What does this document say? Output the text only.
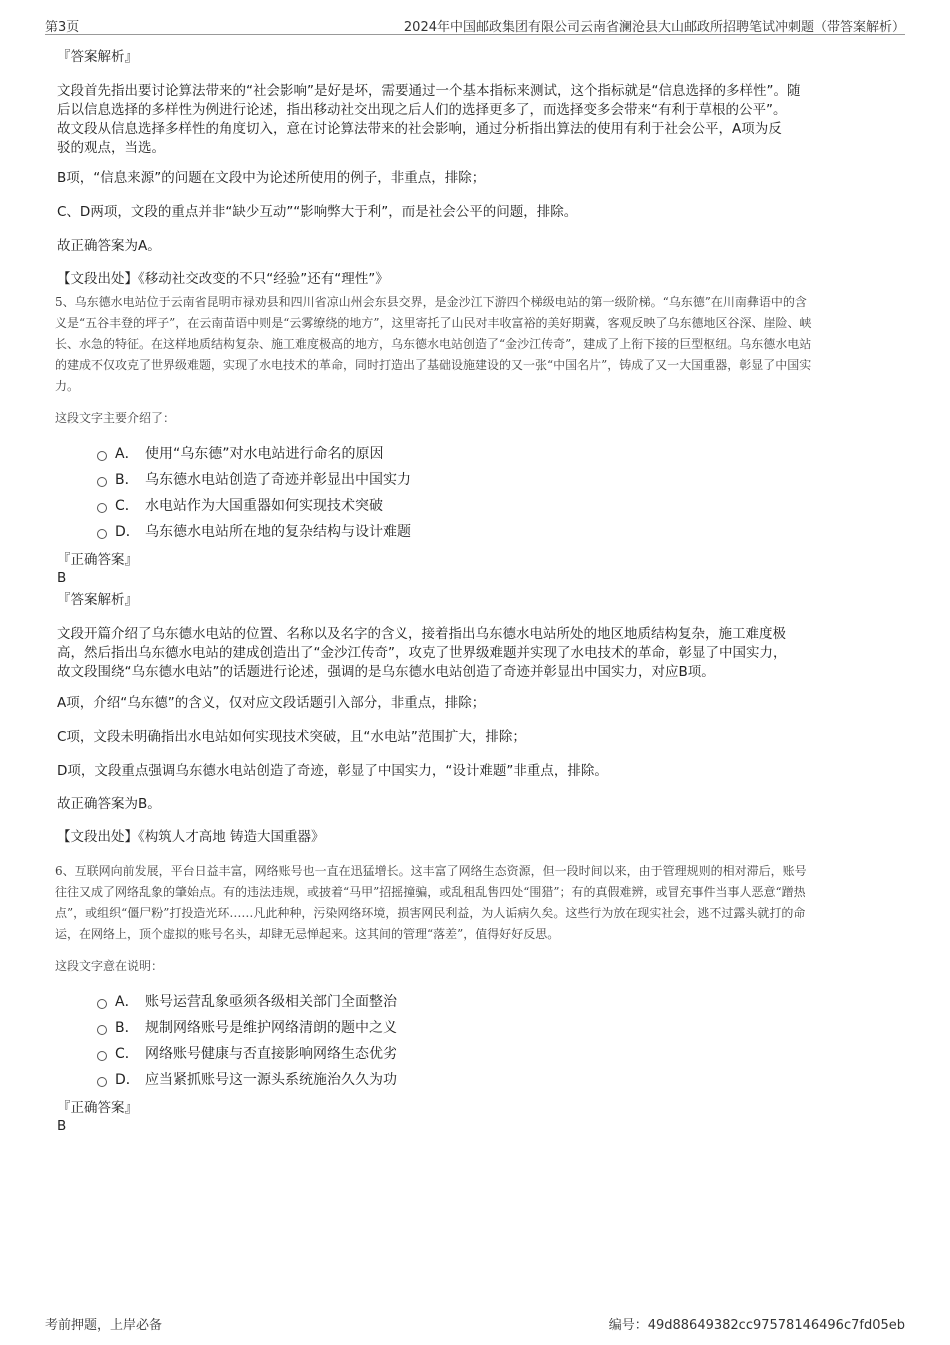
第3页	2024年中国邮政集团有限公司云南省澜沧县大山邮政所招聘笔试冲刺题（带答案解析）
『答案解析』
文段首先指出要讨论算法带来的“社会影响”是好是坏，需要通过一个基本指标来测试，这个指标就是“信息选择的多样性”。随
后以信息选择的多样性为例进行论述，指出移动社交出现之后人们的选择更多了，而选择变多会带来“有利于草根的公平”。
故文段从信息选择多样性的角度切入，意在讨论算法带来的社会影响，通过分析指出算法的使用有利于社会公平，A项为反
驳的观点，当选。
B项，“信息来源”的问题在文段中为论述所使用的例子，非重点，排除；
C、D两项，文段的重点并非“缺少互动”“影响弊大于利”，而是社会公平的问题，排除。
故正确答案为A。
【文段出处】《移动社交改变的不只“经验”还有“理性”》
5、乌东德水电站位于云南省昆明市禄劝县和四川省凉山州会东县交界，是金沙江下游四个梯级电站的第一级阶梯。“乌东德”在川南彝语中的含
义是“五谷丰登的坪子”，在云南苗语中则是“云雾缭绕的地方”，这里寄托了山民对丰收富裕的美好期冀，客观反映了乌东德地区谷深、崖险、峡
长、水急的特征。在这样地质结构复杂、施工难度极高的地方，乌东德水电站创造了“金沙江传奇”，建成了上衔下接的巨型枢纽。乌东德水电站
的建成不仅攻克了世界级难题，实现了水电技术的革命，同时打造出了基础设施建设的又一张“中国名片”，铸成了又一大国重器，彰显了中国实
力。
这段文字主要介绍了：
A． 使用“乌东德”对水电站进行命名的原因
B． 乌东德水电站创造了奇迹并彰显出中国实力
C． 水电站作为大国重器如何实现技术突破
D． 乌东德水电站所在地的复杂结构与设计难题
『正确答案』
B
『答案解析』
文段开篇介绍了乌东德水电站的位置、名称以及名字的含义，接着指出乌东德水电站所处的地区地质结构复杂，施工难度极
高，然后指出乌东德水电站的建成创造出了“金沙江传奇”，攻克了世界级难题并实现了水电技术的革命，彰显了中国实力，
故文段围绕“乌东德水电站”的话题进行论述，强调的是乌东德水电站创造了奇迹并彰显出中国实力，对应B项。
A项，介绍“乌东德”的含义，仅对应文段话题引入部分，非重点，排除；
C项，文段未明确指出水电站如何实现技术突破，且“水电站”范围扩大，排除；
D项，文段重点强调乌东德水电站创造了奇迹，彰显了中国实力，“设计难题”非重点，排除。
故正确答案为B。
【文段出处】《构筑人才高地 铸造大国重器》
6、互联网向前发展，平台日益丰富，网络账号也一直在迅猛增长。这丰富了网络生态资源，但一段时间以来，由于管理规则的相对滞后，账号
往往又成了网络乱象的肇始点。有的违法违规，或披着“马甲”招摇撞骗，或乱租乱售四处“围猎”；有的真假难辨，或冒充事件当事人恶意“蹭热
点”，或组织“僵尸粉”打投造光环……凡此种种，污染网络环境，损害网民利益，为人诟病久矣。这些行为放在现实社会，逃不过露头就打的命
运，在网络上，顶个虚拟的账号名头，却肆无忌惮起来。这其间的管理“落差”，值得好好反思。
这段文字意在说明：
A． 账号运营乱象亟须各级相关部门全面整治
B． 规制网络账号是维护网络清朗的题中之义
C． 网络账号健康与否直接影响网络生态优劣
D． 应当紧抓账号这一源头系统施治久久为功
『正确答案』
B
考前押题，上岸必备	编号：49d88649382cc97578146496c7fd05eb
